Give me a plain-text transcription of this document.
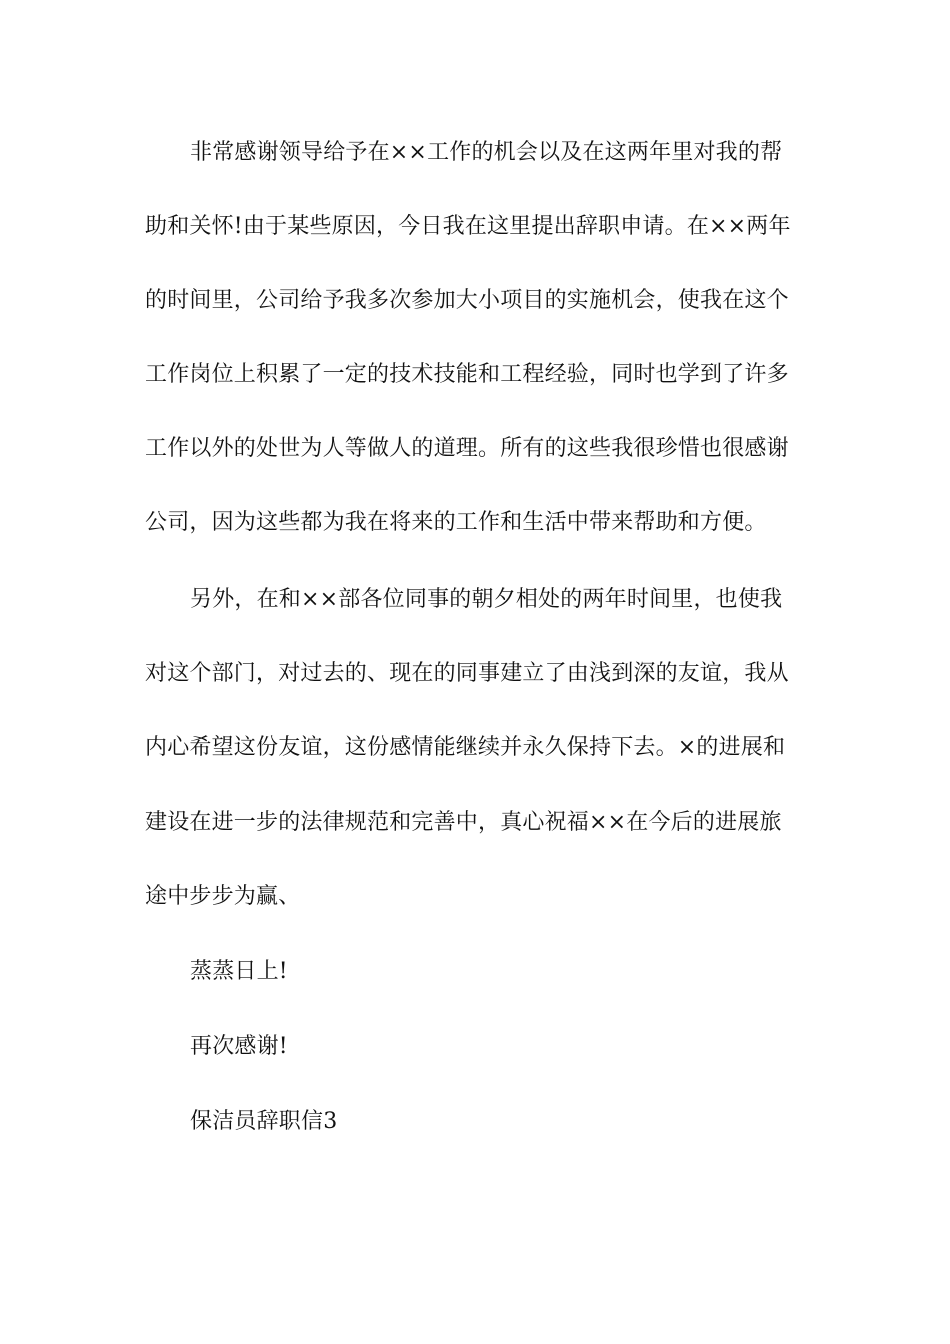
非常感谢领导给予在××工作的机会以及在这两年里对我的帮
助和关怀!由于某些原因，今日我在这里提出辞职申请。在××两年
的时间里，公司给予我多次参加大小项目的实施机会，使我在这个
工作岗位上积累了一定的技术技能和工程经验，同时也学到了许多
工作以外的处世为人等做人的道理。所有的这些我很珍惜也很感谢
公司，因为这些都为我在将来的工作和生活中带来帮助和方便。
另外，在和××部各位同事的朝夕相处的两年时间里，也使我
对这个部门，对过去的、现在的同事建立了由浅到深的友谊，我从
内心希望这份友谊，这份感情能继续并永久保持下去。×的进展和
建设在进一步的法律规范和完善中，真心祝福××在今后的进展旅
途中步步为赢、
蒸蒸日上!
再次感谢!
保洁员辞职信3
